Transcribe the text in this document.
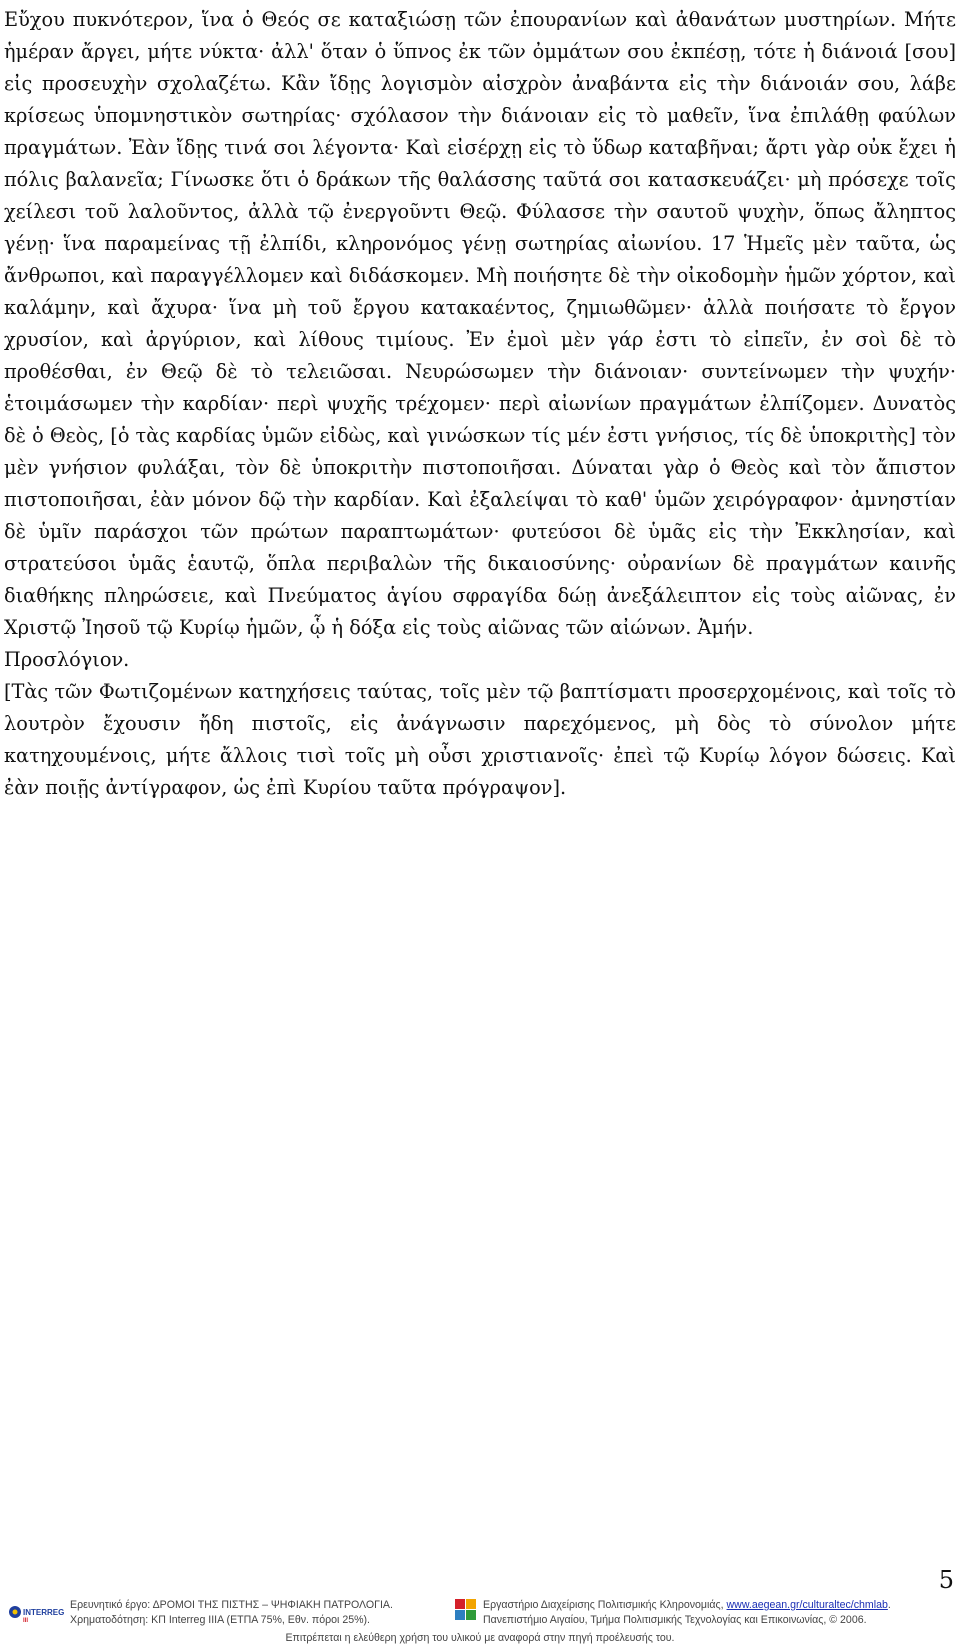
Εὔχου πυκνότερον, ἵνα ὁ Θεός σε καταξιώσῃ τῶν ἐπουρανίων καὶ ἀθανάτων μυστηρίων. Μήτε ἡμέραν ἄργει, μήτε νύκτα· ἀλλ' ὅταν ὁ ὕπνος ἐκ τῶν ὀμμάτων σου ἐκπέσῃ, τότε ἡ διάνοιά [σου] εἰς προσευχὴν σχολαζέτω. Κἂν ἴδῃς λογισμὸν αἰσχρὸν ἀναβάντα εἰς τὴν διάνοιάν σου, λάβε κρίσεως ὑπομνηστικὸν σωτηρίας· σχόλασον τὴν διάνοιαν εἰς τὸ μαθεῖν, ἵνα ἐπιλάθῃ φαύλων πραγμάτων. Ἐὰν ἴδῃς τινά σοι λέγοντα· Καὶ εἰσέρχῃ εἰς τὸ ὕδωρ καταβῆναι; ἄρτι γὰρ οὐκ ἔχει ἡ πόλις βαλανεῖα; Γίνωσκε ὅτι ὁ δράκων τῆς θαλάσσης ταῦτά σοι κατασκευάζει· μὴ πρόσεχε τοῖς χείλεσι τοῦ λαλοῦντος, ἀλλὰ τῷ ἐνεργοῦντι Θεῷ. Φύλασσε τὴν σαυτοῦ ψυχὴν, ὅπως ἄληπτος γένῃ· ἵνα παραμείνας τῇ ἐλπίδι, κληρονόμος γένῃ σωτηρίας αἰωνίου. 17 Ἡμεῖς μὲν ταῦτα, ὡς ἄνθρωποι, καὶ παραγγέλλομεν καὶ διδάσκομεν. Μὴ ποιήσητε δὲ τὴν οἰκοδομὴν ἡμῶν χόρτον, καὶ καλάμην, καὶ ἄχυρα· ἵνα μὴ τοῦ ἔργου κατακαέντος, ζημιωθῶμεν· ἀλλὰ ποιήσατε τὸ ἔργον χρυσίον, καὶ ἀργύριον, καὶ λίθους τιμίους. Ἐν ἐμοὶ μὲν γάρ ἐστι τὸ εἰπεῖν, ἐν σοὶ δὲ τὸ προθέσθαι, ἐν Θεῷ δὲ τὸ τελειῶσαι. Νευρώσωμεν τὴν διάνοιαν· συντείνωμεν τὴν ψυχήν· ἑτοιμάσωμεν τὴν καρδίαν· περὶ ψυχῆς τρέχομεν· περὶ αἰωνίων πραγμάτων ἐλπίζομεν. Δυνατὸς δὲ ὁ Θεὸς, [ὁ τὰς καρδίας ὑμῶν εἰδὼς, καὶ γινώσκων τίς μέν ἐστι γνήσιος, τίς δὲ ὑποκριτὴς] τὸν μὲν γνήσιον φυλάξαι, τὸν δὲ ὑποκριτὴν πιστοποιῆσαι. Δύναται γὰρ ὁ Θεὸς καὶ τὸν ἄπιστον πιστοποιῆσαι, ἐὰν μόνον δῷ τὴν καρδίαν. Καὶ ἐξαλείψαι τὸ καθ' ὑμῶν χειρόγραφον· ἀμνηστίαν δὲ ὑμῖν παράσχοι τῶν πρώτων παραπτωμάτων· φυτεύσοι δὲ ὑμᾶς εἰς τὴν Ἐκκλησίαν, καὶ στρατεύσοι ὑμᾶς ἑαυτῷ, ὅπλα περιβαλὼν τῆς δικαιοσύνης· οὐρανίων δὲ πραγμάτων καινῆς διαθήκης πληρώσειε, καὶ Πνεύματος ἁγίου σφραγίδα δώῃ ἀνεξάλειπτον εἰς τοὺς αἰῶνας, ἐν Χριστῷ Ἰησοῦ τῷ Κυρίῳ ἡμῶν, ᾧ ἡ δόξα εἰς τοὺς αἰῶνας τῶν αἰώνων. Ἀμήν.

Προσλόγιον.

[Τὰς τῶν Φωτιζομένων κατηχήσεις ταύτας, τοῖς μὲν τῷ βαπτίσματι προσερχομένοις, καὶ τοῖς τὸ λουτρὸν ἔχουσιν ἤδη πιστοῖς, εἰς ἀνάγνωσιν παρεχόμενος, μὴ δὸς τὸ σύνολον μήτε κατηχουμένοις, μήτε ἄλλοις τισὶ τοῖς μὴ οὖσι χριστιανοῖς· ἐπεὶ τῷ Κυρίῳ λόγον δώσεις. Καὶ ἐὰν ποιῇς ἀντίγραφον, ὡς ἐπὶ Κυρίου ταῦτα πρόγραψον].

5
INTERREG
III
Ερευνητικό έργο: ΔΡΟΜΟΙ ΤΗΣ ΠΙΣΤΗΣ – ΨΗΦΙΑΚΗ ΠΑΤΡΟΛΟΓΙΑ.
Χρηματοδότηση: ΚΠ Interreg IIIA (ΕΤΠΑ 75%, Εθν. πόροι 25%).
Εργαστήριο Διαχείρισης Πολιτισμικής Κληρονομιάς, www.aegean.gr/culturaltec/chmlab.
Πανεπιστήμιο Αιγαίου, Τμήμα Πολιτισμικής Τεχνολογίας και Επικοινωνίας, © 2006.
Επιτρέπεται η ελεύθερη χρήση του υλικού με αναφορά στην πηγή προέλευσής του.
